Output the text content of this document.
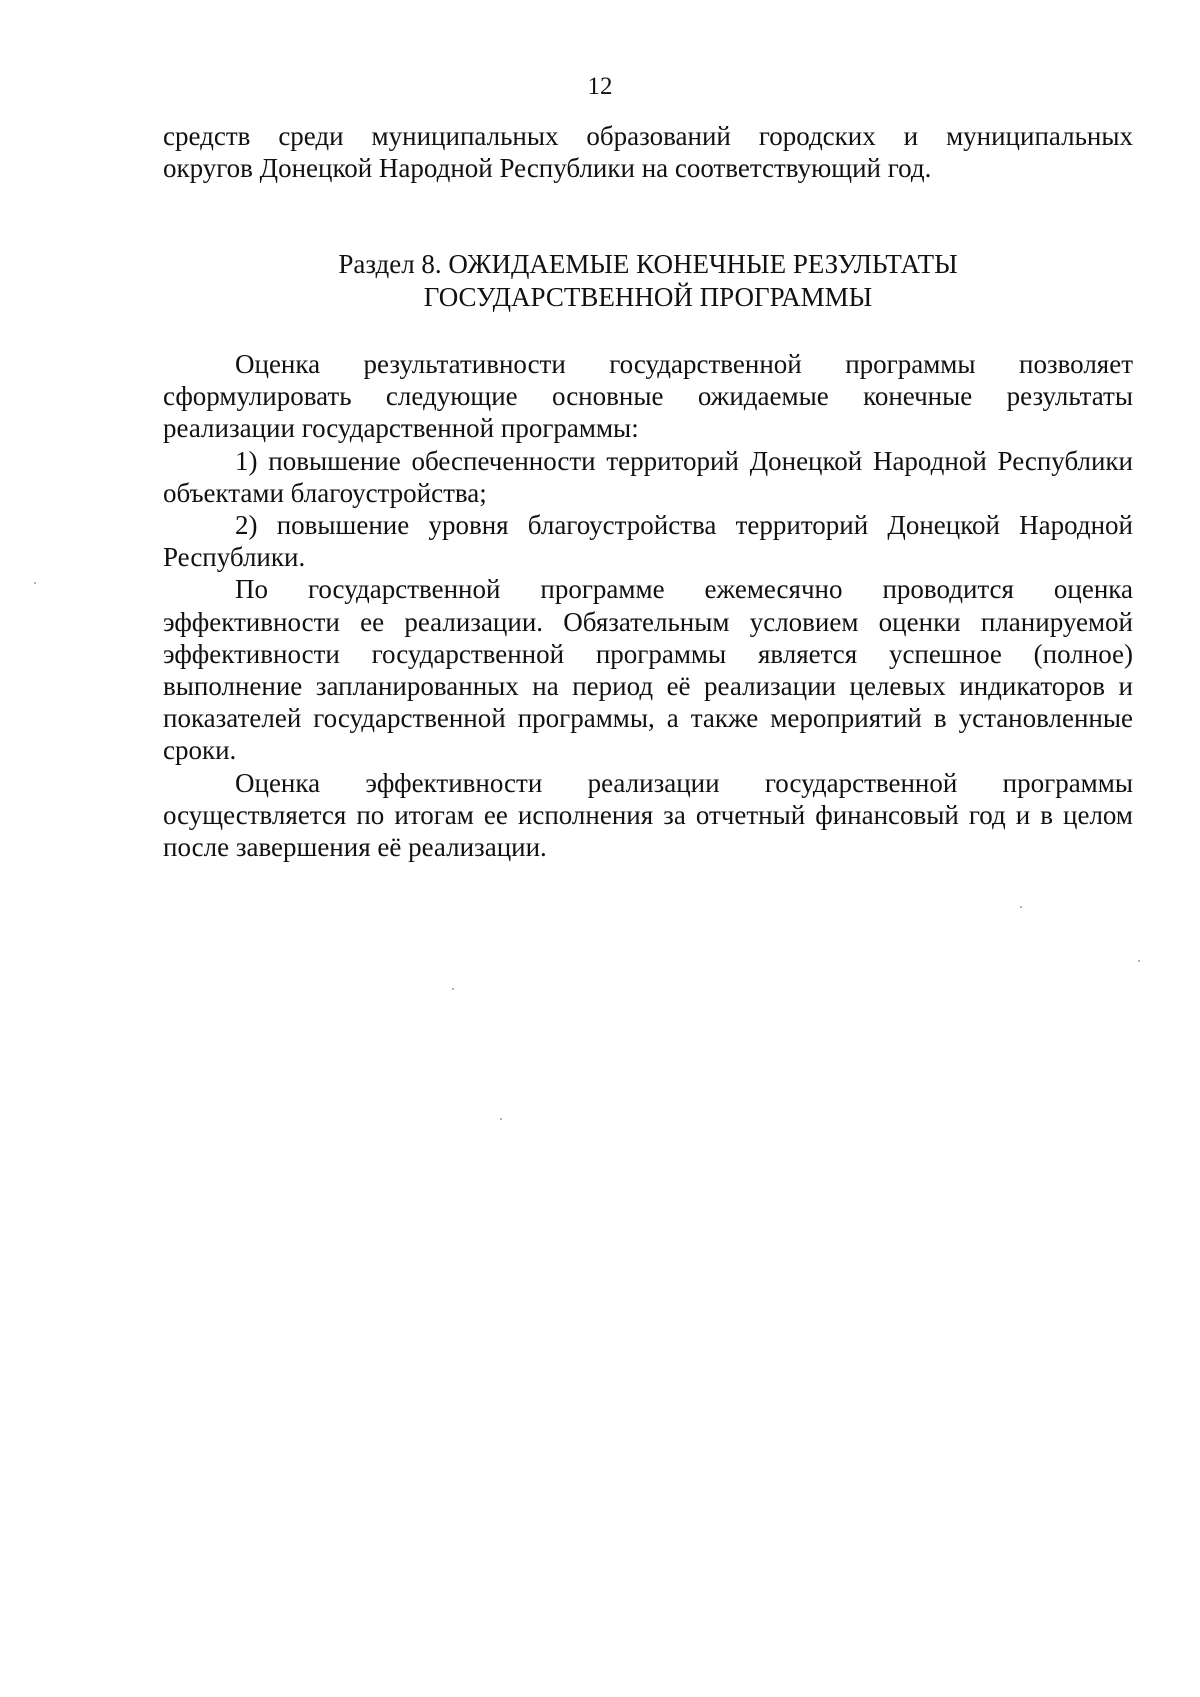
12

средств среди муниципальных образований городских и муниципальных

округов Донецкой Народной Республики на соответствующий год.

Раздел 8. ОЖИДАЕМЫЕ КОНЕЧНЫЕ РЕЗУЛЬТАТЫ
ГОСУДАРСТВЕННОЙ ПРОГРАММЫ

Оценка результативности государственной программы позволяет сформулировать следующие основные ожидаемые конечные результаты реализации государственной программы:

1) повышение обеспеченности территорий Донецкой Народной Республики объектами благоустройства;

2) повышение уровня благоустройства территорий Донецкой Народной Республики.

По государственной программе ежемесячно проводится оценка эффективности ее реализации. Обязательным условием оценки планируемой эффективности государственной программы является успешное (полное) выполнение запланированных на период её реализации целевых индикаторов и показателей государственной программы, а также мероприятий в установленные сроки.

Оценка эффективности реализации государственной программы осуществляется по итогам ее исполнения за отчетный финансовый год и в целом после завершения её реализации.
